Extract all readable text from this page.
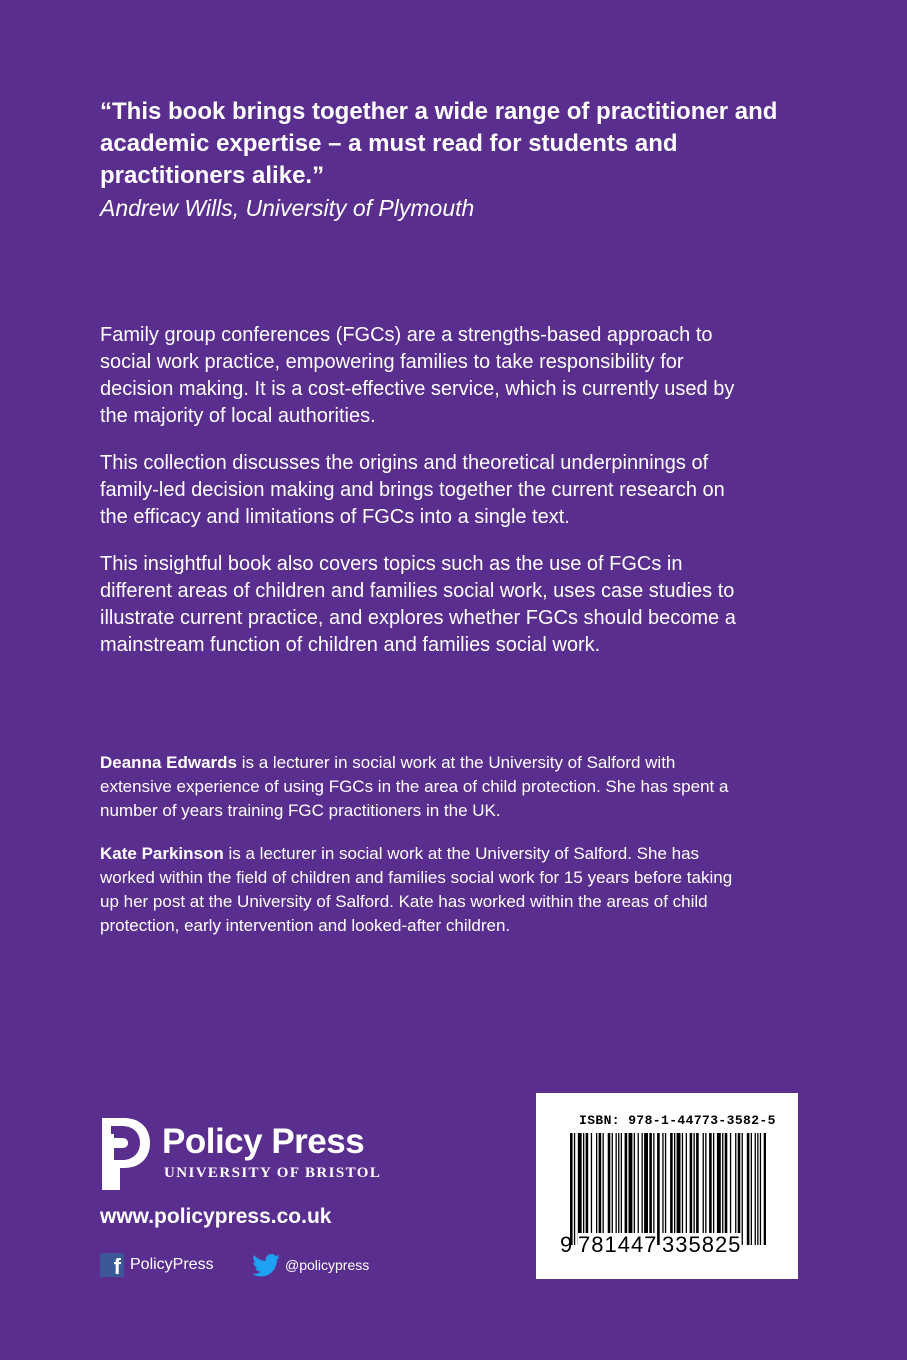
“This book brings together a wide range of practitioner and academic expertise – a must read for students and practitioners alike.”

Andrew Wills, University of Plymouth

Family group conferences (FGCs) are a strengths-based approach to social work practice, empowering families to take responsibility for decision making. It is a cost-effective service, which is currently used by the majority of local authorities.

This collection discusses the origins and theoretical underpinnings of family-led decision making and brings together the current research on the efficacy and limitations of FGCs into a single text.

This insightful book also covers topics such as the use of FGCs in different areas of children and families social work, uses case studies to illustrate current practice, and explores whether FGCs should become a mainstream function of children and families social work.

Deanna Edwards is a lecturer in social work at the University of Salford with extensive experience of using FGCs in the area of child protection. She has spent a number of years training FGC practitioners in the UK.

Kate Parkinson is a lecturer in social work at the University of Salford. She has worked within the field of children and families social work for 15 years before taking up her post at the University of Salford. Kate has worked within the areas of child protection, early intervention and looked-after children.

Policy Press
UNIVERSITY OF BRISTOL
www.policypress.co.uk
f PolicyPress	@policypress
ISBN: 978-1-44773-3582-5
9 781447 335825
